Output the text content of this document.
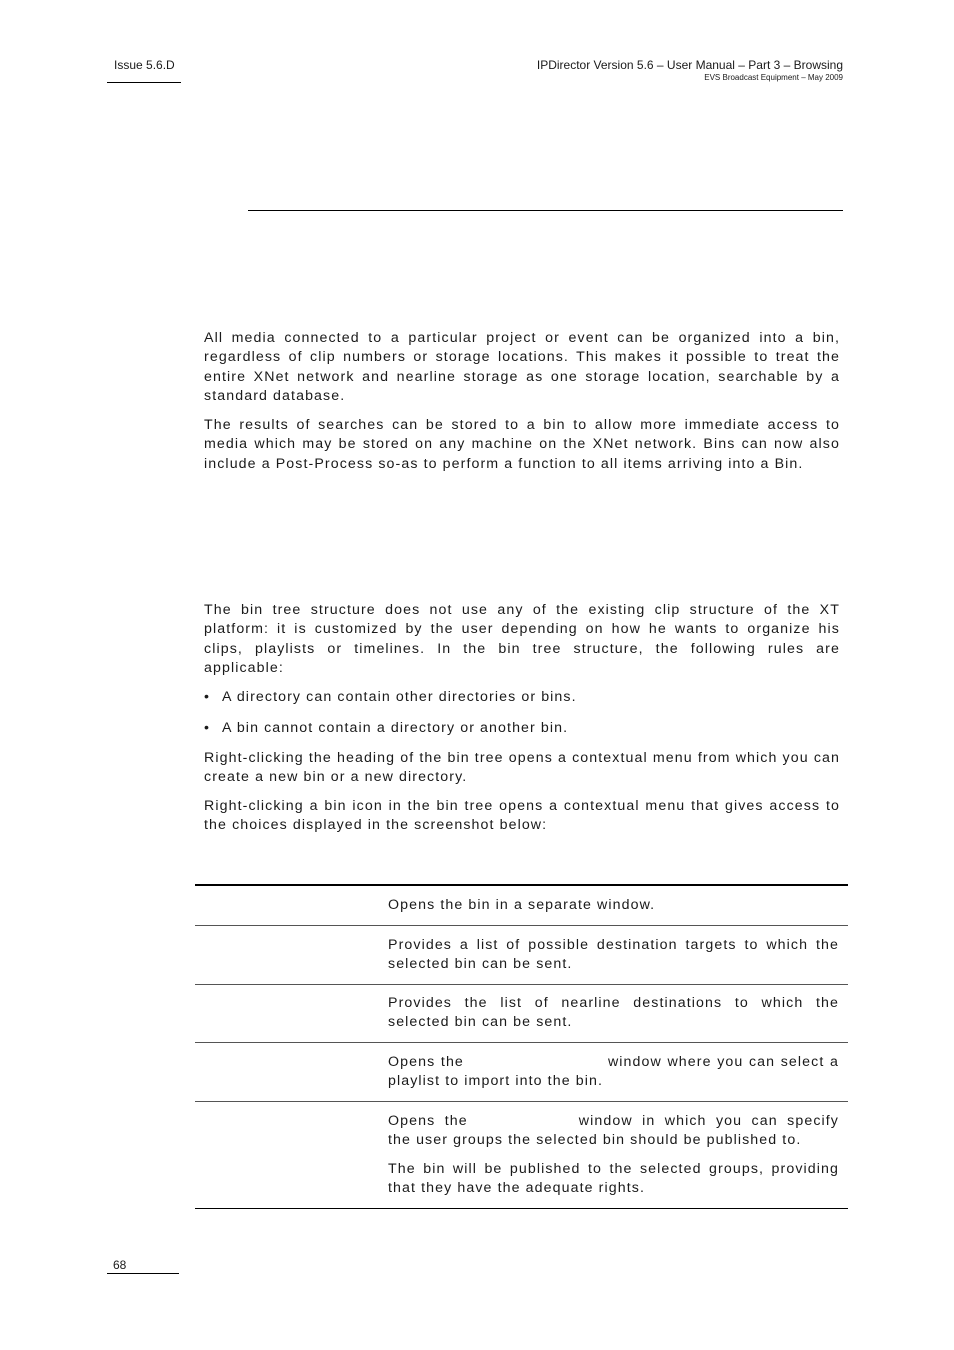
Issue 5.6.D	IPDirector Version 5.6 – User Manual – Part 3 – Browsing
EVS Broadcast Equipment – May 2009

All media connected to a particular project or event can be organized into a bin, regardless of clip numbers or storage locations. This makes it possible to treat the entire XNet network and nearline storage as one storage location, searchable by a standard database.

The results of searches can be stored to a bin to allow more immediate access to media which may be stored on any machine on the XNet network. Bins can now also include a Post-Process so-as to perform a function to all items arriving into a Bin.

The bin tree structure does not use any of the existing clip structure of the XT platform: it is customized by the user depending on how he wants to organize his clips, playlists or timelines. In the bin tree structure, the following rules are applicable:

• A directory can contain other directories or bins.
• A bin cannot contain a directory or another bin.

Right-clicking the heading of the bin tree opens a contextual menu from which you can create a new bin or a new directory.

Right-clicking a bin icon in the bin tree opens a contextual menu that gives access to the choices displayed in the screenshot below:

Opens the bin in a separate window.

Provides a list of possible destination targets to which the selected bin can be sent.

Provides the list of nearline destinations to which the selected bin can be sent.

Opens the	window where you can select a playlist to import into the bin.

Opens the	window in which you can specify the user groups the selected bin should be published to.

The bin will be published to the selected groups, providing that they have the adequate rights.

68
